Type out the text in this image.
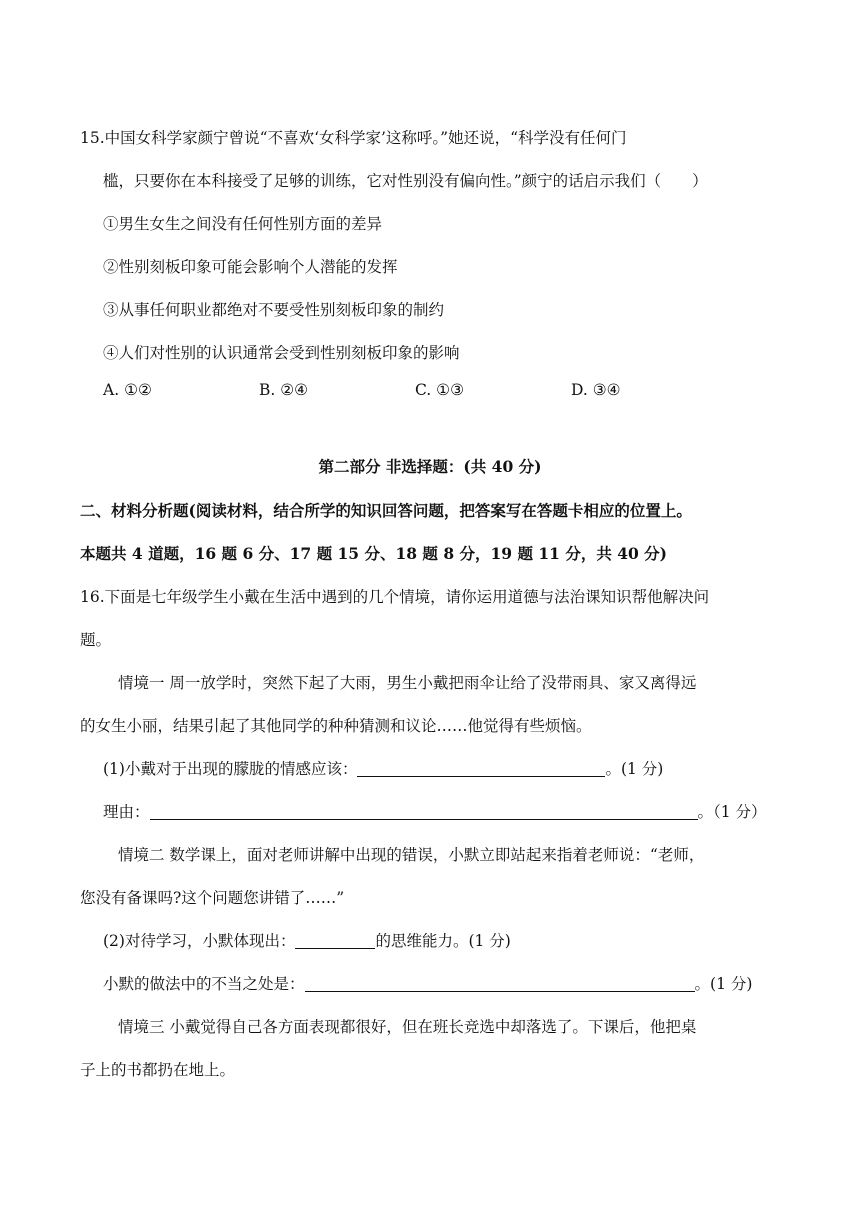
15.中国女科学家颜宁曾说“不喜欢‘女科学家’这称呼。”她还说，“科学没有任何门
槛，只要你在本科接受了足够的训练，它对性别没有偏向性。”颜宁的话启示我们（　　）
①男生女生之间没有任何性别方面的差异
②性别刻板印象可能会影响个人潜能的发挥
③从事任何职业都绝对不要受性别刻板印象的制约
④人们对性别的认识通常会受到性别刻板印象的影响
A. ①②	B. ②④	C. ①③	D. ③④
第二部分 非选择题：(共 40 分)
二、材料分析题(阅读材料，结合所学的知识回答问题，把答案写在答题卡相应的位置上。
本题共 4 道题，16 题 6 分、17 题 15 分、18 题 8 分，19 题 11 分，共 40 分)
16.下面是七年级学生小戴在生活中遇到的几个情境，请你运用道德与法治课知识帮他解决问
题。
情境一 周一放学时，突然下起了大雨，男生小戴把雨伞让给了没带雨具、家又离得远
的女生小丽，结果引起了其他同学的种种猜测和议论……他觉得有些烦恼。
(1)小戴对于出现的朦胧的情感应该：	。(1 分)
理由：	。（1 分）
情境二 数学课上，面对老师讲解中出现的错误，小默立即站起来指着老师说：“老师，
您没有备课吗?这个问题您讲错了……”
(2)对待学习，小默体现出：	的思维能力。(1 分)
小默的做法中的不当之处是：	。(1 分)
情境三 小戴觉得自己各方面表现都很好，但在班长竞选中却落选了。下课后，他把桌
子上的书都扔在地上。
